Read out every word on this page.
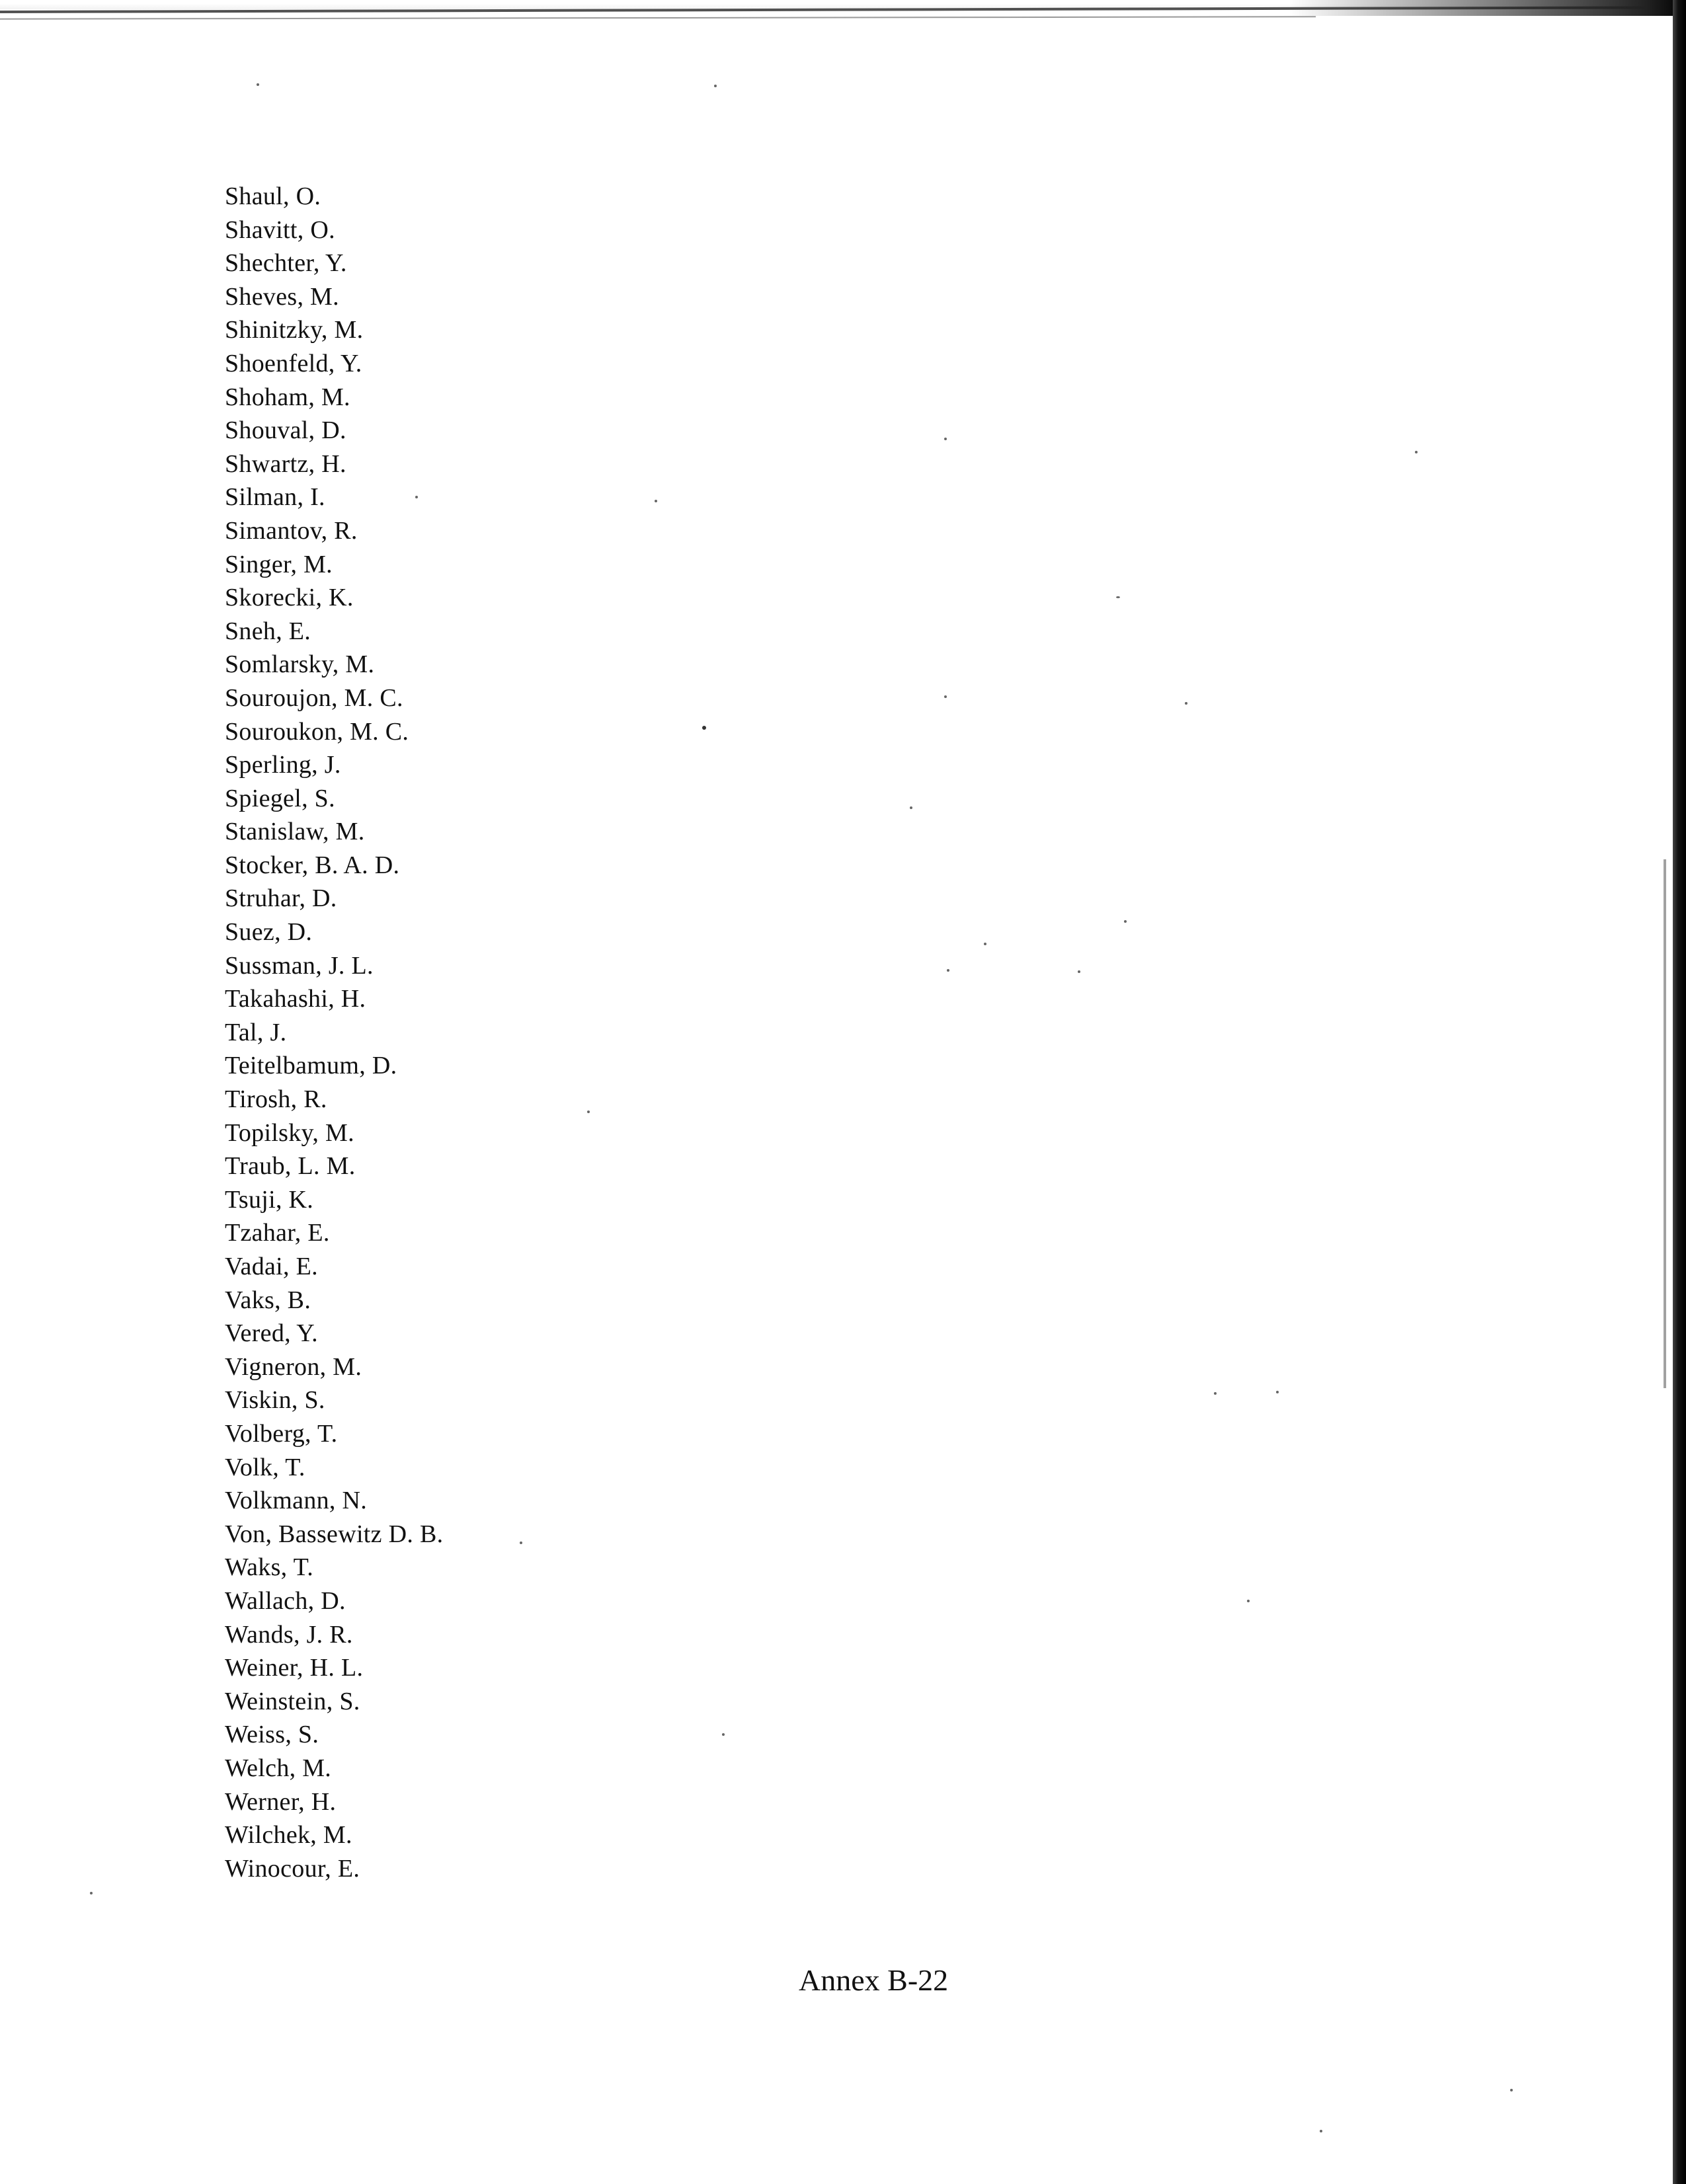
Shaul, O.
Shavitt, O.
Shechter, Y.
Sheves, M.
Shinitzky, M.
Shoenfeld, Y.
Shoham, M.
Shouval, D.
Shwartz, H.
Silman, I.
Simantov, R.
Singer, M.
Skorecki, K.
Sneh, E.
Somlarsky, M.
Souroujon, M. C.
Souroukon, M. C.
Sperling, J.
Spiegel, S.
Stanislaw, M.
Stocker, B. A. D.
Struhar, D.
Suez, D.
Sussman, J. L.
Takahashi, H.
Tal, J.
Teitelbamum, D.
Tirosh, R.
Topilsky, M.
Traub, L. M.
Tsuji, K.
Tzahar, E.
Vadai, E.
Vaks, B.
Vered, Y.
Vigneron, M.
Viskin, S.
Volberg, T.
Volk, T.
Volkmann, N.
Von, Bassewitz D. B.
Waks, T.
Wallach, D.
Wands, J. R.
Weiner, H. L.
Weinstein, S.
Weiss, S.
Welch, M.
Werner, H.
Wilchek, M.
Winocour, E.
Annex B-22
